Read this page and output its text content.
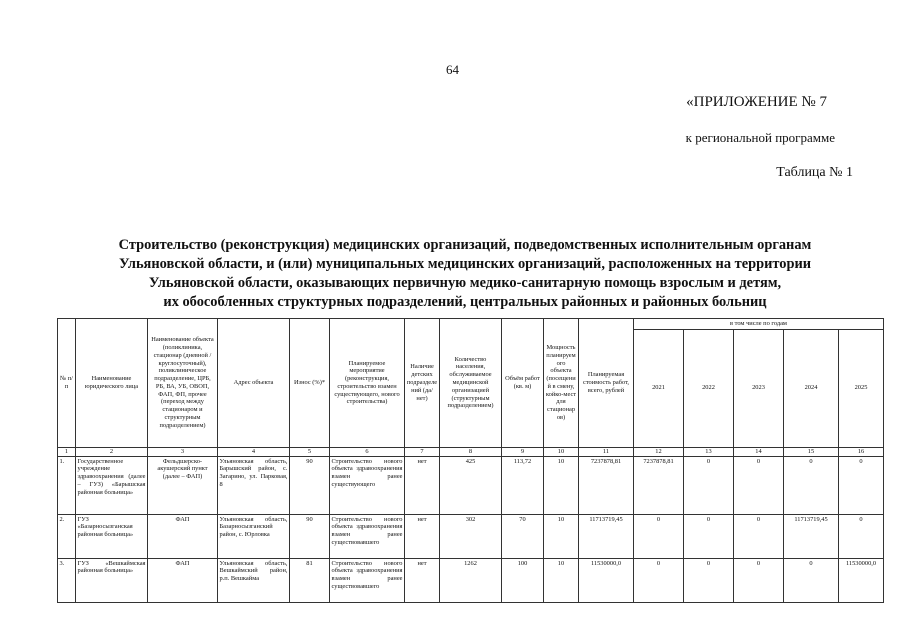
64
«ПРИЛОЖЕНИЕ № 7
к региональной программе
Таблица № 1
Строительство (реконструкция) медицинских организаций, подведомственных исполнительным органам
Ульяновской области, и (или) муниципальных медицинских организаций, расположенных на территории
Ульяновской области, оказывающих первичную медико-санитарную помощь взрослым и детям,
их обособленных структурных подразделений, центральных районных и районных больниц
№ п/п	Наименование юридического лица	Наименование объекта (поликлиника, стационар (дневной /круглосуточный), поликлиническое подразделение, ЦРБ, РБ, ВА, УБ, ОВОП, ФАП, ФП, прочее (переход между стационаром и структурным подразделением)	Адрес объекта	Износ (%)*	Планируемое мероприятие (реконструкция, строительство взамен существующего, нового строительства)	Наличие детских подразделений (да/нет)	Количество населения, обслуживаемое медицинской организацией (структурным подразделением)	Объём работ (кв. м)	Мощность планируемого объекта (посещений в смену, койко-мест для стационаров)	Планируемая стоимость работ, всего, рублей	в том числе по годам				
											2021	2022	2023	2024	2025
1	2	3	4	5	6	7	8	9	10	11	12	13	14	15	16
1.	Государственное учреждение здравоохранения (далее – ГУЗ) «Барышская районная больница»	Фельдшерско-акушерский пункт (далее – ФАП)	Ульяновская область, Барышский район, с. Загарино, ул. Парковая, 8	90	Строительство нового объекта здравоохранения взамен ранее существующего	нет	425	113,72	10	7237878,81	7237878,81	0	0	0	0
2.	ГУЗ «Базарносызганская районная больница»	ФАП	Ульяновская область, Базарносызганский район, с. Юрловка	90	Строительство нового объекта здравоохранения взамен ранее существовавшего	нет	302	70	10	11713719,45	0	0	0	11713719,45	0
3.	ГУЗ «Вешкаймская районная больница»	ФАП	Ульяновская область, Вешкаймский район, р.п. Вешкайма	81	Строительство нового объекта здравоохранения взамен ранее существовавшего	нет	1262	100	10	11530000,0	0	0	0	0	11530000,0
